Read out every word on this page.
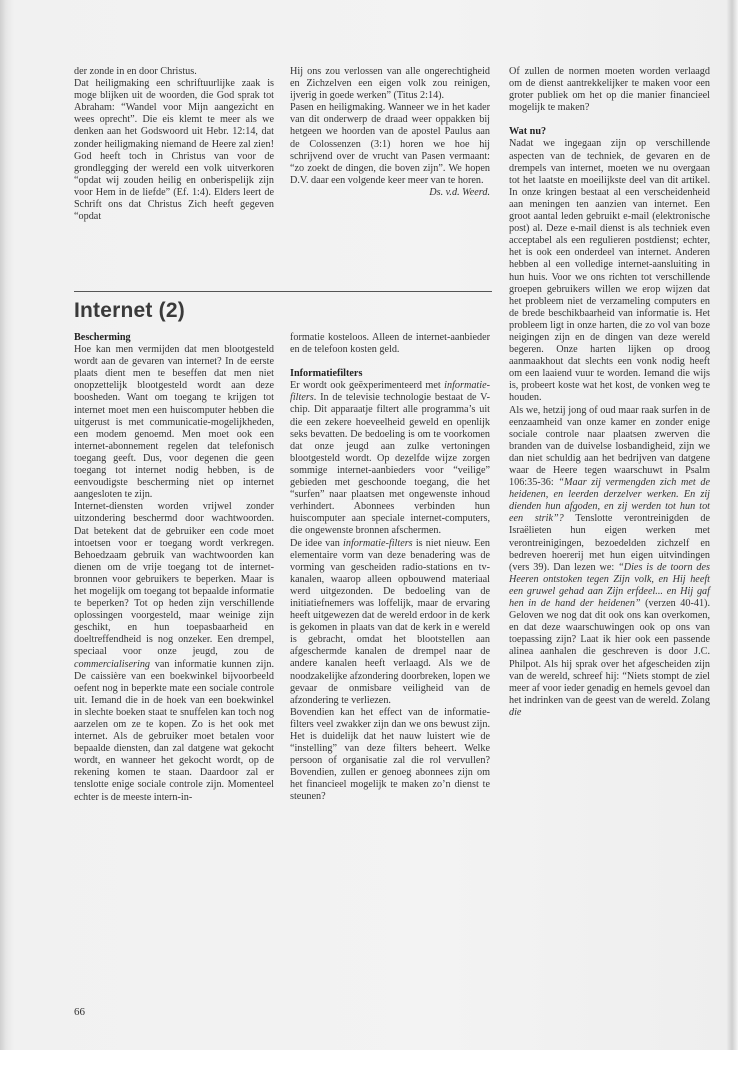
der zonde in en door Christus.

Dat heiligmaking een schriftuurlijke zaak is moge blijken uit de woorden, die God sprak tot Abraham: “Wandel voor Mijn aangezicht en wees oprecht”. Die eis klemt te meer als we denken aan het Godswoord uit Hebr. 12:14, dat zonder heiligmaking niemand de Heere zal zien! God heeft toch in Christus van voor de grondlegging der wereld een volk uitverkoren “opdat wij zouden heilig en onberispelijk zijn voor Hem in de liefde” (Ef. 1:4). Elders leert de Schrift ons dat Christus Zich heeft gegeven “opdat

Hij ons zou verlossen van alle ongerechtigheid en Zichzelven een eigen volk zou reinigen, ijverig in goede werken” (Titus 2:14).

Pasen en heiligmaking. Wanneer we in het kader van dit onderwerp de draad weer oppakken bij hetgeen we hoorden van de apostel Paulus aan de Colossenzen (3:1) horen we hoe hij schrijvend over de vrucht van Pasen vermaant: “zo zoekt de dingen, die boven zijn”. We hopen D.V. daar een volgende keer meer van te horen.

Ds. v.d. Weerd.

Internet (2)

Bescherming

Hoe kan men vermijden dat men blootgesteld wordt aan de gevaren van internet? In de eerste plaats dient men te beseffen dat men niet onopzettelijk blootgesteld wordt aan deze boosheden. Want om toegang te krijgen tot internet moet men een huiscomputer hebben die uitgerust is met communicatie-mogelijkheden, een modem genoemd. Men moet ook een internet-abonnement regelen dat telefonisch toegang geeft. Dus, voor degenen die geen toegang tot internet nodig hebben, is de eenvoudigste bescherming niet op internet aangesloten te zijn.

Internet-diensten worden vrijwel zonder uitzondering beschermd door wachtwoorden. Dat betekent dat de gebruiker een code moet intoetsen voor er toegang wordt verkregen. Behoedzaam gebruik van wachtwoorden kan dienen om de vrije toegang tot de internet-bronnen voor gebruikers te beperken. Maar is het mogelijk om toegang tot bepaalde informatie te beperken? Tot op heden zijn verschillende oplossingen voorgesteld, maar weinige zijn geschikt, en hun toepasbaarheid en doeltreffendheid is nog onzeker. Een drempel, speciaal voor onze jeugd, zou de commercialisering van informatie kunnen zijn. De caissière van een boekwinkel bijvoorbeeld oefent nog in beperkte mate een sociale controle uit. Iemand die in de hoek van een boekwinkel in slechte boeken staat te snuffelen kan toch nog aarzelen om ze te kopen. Zo is het ook met internet. Als de gebruiker moet betalen voor bepaalde diensten, dan zal datgene wat gekocht wordt, en wanneer het gekocht wordt, op de rekening komen te staan. Daardoor zal er tenslotte enige sociale controle zijn. Momenteel echter is de meeste intern-in-

formatie kosteloos. Alleen de internet-aanbieder en de telefoon kosten geld.

Informatiefilters

Er wordt ook geëxperimenteerd met informatie-filters. In de televisie technologie bestaat de V-chip. Dit apparaatje filtert alle programma’s uit die een zekere hoeveelheid geweld en openlijk seks bevatten. De bedoeling is om te voorkomen dat onze jeugd aan zulke vertoningen blootgesteld wordt. Op dezelfde wijze zorgen sommige internet-aanbieders voor “veilige” gebieden met geschoonde toegang, die het “surfen” naar plaatsen met ongewenste inhoud verhindert. Abonnees verbinden hun huiscomputer aan speciale internet-computers, die ongewenste bronnen afschermen.

De idee van informatie-filters is niet nieuw. Een elementaire vorm van deze benadering was de vorming van gescheiden radio-stations en tv-kanalen, waarop alleen opbouwend materiaal werd uitgezonden. De bedoeling van de initiatiefnemers was loffelijk, maar de ervaring heeft uitgewezen dat de wereld erdoor in de kerk is gekomen in plaats van dat de kerk in e wereld is gebracht, omdat het blootstellen aan afgeschermde kanalen de drempel naar de andere kanalen heeft verlaagd. Als we de noodzakelijke afzondering doorbreken, lopen we gevaar de onmisbare veiligheid van de afzondering te verliezen.

Bovendien kan het effect van de informatie-filters veel zwakker zijn dan we ons bewust zijn. Het is duidelijk dat het nauw luistert wie de “instelling” van deze filters beheert. Welke persoon of organisatie zal die rol vervullen? Bovendien, zullen er genoeg abonnees zijn om het financieel mogelijk te maken zo’n dienst te steunen?

Of zullen de normen moeten worden verlaagd om de dienst aantrekkelijker te maken voor een groter publiek om het op die manier financieel mogelijk te maken?

Wat nu?

Nadat we ingegaan zijn op verschillende aspecten van de techniek, de gevaren en de drempels van internet, moeten we nu overgaan tot het laatste en moeilijkste deel van dit artikel. In onze kringen bestaat al een verscheidenheid aan meningen ten aanzien van internet. Een groot aantal leden gebruikt e-mail (elektronische post) al. Deze e-mail dienst is als techniek even acceptabel als een regulieren postdienst; echter, het is ook een onderdeel van internet. Anderen hebben al een volledige internet-aansluiting in hun huis. Voor we ons richten tot verschillende groepen gebruikers willen we erop wijzen dat het probleem niet de verzameling computers en de brede beschikbaarheid van informatie is. Het probleem ligt in onze harten, die zo vol van boze neigingen zijn en de dingen van deze wereld begeren. Onze harten lijken op droog aanmaakhout dat slechts een vonk nodig heeft om een laaiend vuur te worden. Iemand die wijs is, probeert koste wat het kost, de vonken weg te houden.

Als we, hetzij jong of oud maar raak surfen in de eenzaamheid van onze kamer en zonder enige sociale controle naar plaatsen zwerven die branden van de duivelse losbandigheid, zijn we dan niet schuldig aan het bedrijven van datgene waar de Heere tegen waarschuwt in Psalm 106:35-36: “Maar zij vermengden zich met de heidenen, en leerden derzelver werken. En zij dienden hun afgoden, en zij werden tot hun tot een strik”? Tenslotte verontreinigden de Israëlieten hun eigen werken met verontreinigingen, bezoedelden zichzelf en bedreven hoererij met hun eigen uitvindingen (vers 39). Dan lezen we: “Dies is de toorn des Heeren ontstoken tegen Zijn volk, en Hij heeft een gruwel gehad aan Zijn erfdeel... en Hij gaf hen in de hand der heidenen” (verzen 40-41). Geloven we nog dat dit ook ons kan overkomen, en dat deze waarschuwingen ook op ons van toepassing zijn? Laat ik hier ook een passende alinea aanhalen die geschreven is door J.C. Philpot. Als hij sprak over het afgescheiden zijn van de wereld, schreef hij: “Niets stompt de ziel meer af voor ieder genadig en hemels gevoel dan het indrinken van de geest van de wereld. Zolang die

66
